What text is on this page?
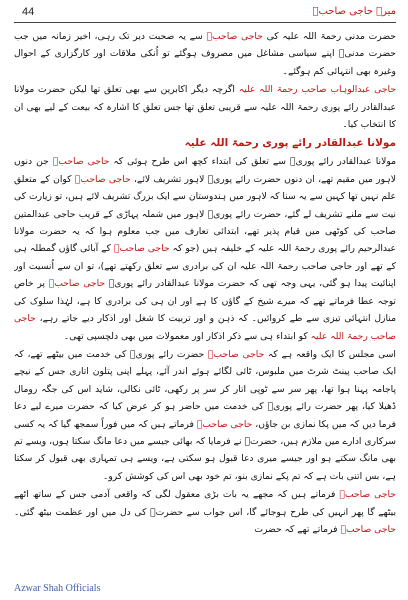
44	میرے حاجی صاحبؒ

حضرت مدنی رحمۃ اللہ علیہ کی حاجی صاحبؒ سے یہ صحبت دیر تک رہی، اخیر زمانہ میں جب حضرت مدنیؒ اپنے سیاسی مشاغل میں مصروف ہوگئے تو اُنکی ملاقات اور کارگزاری کے احوال وغیرہ بھی انتہائی کم ہوگئے۔

حاجی عبدالوہاب صاحب رحمۃ اللہ علیہ اگرچہ دیگر اکابرین سے بھی تعلق تھا لیکن حضرت مولانا عبدالقادر رائے پوری رحمۃ اللہ علیہ سے قریبی تعلق تھا جس تعلق کا اشارہ کہ بیعت کے لیے بھی ان کا انتخاب کیا۔

مولانا عبدالقادر رائے پوری رحمۃ اللہ علیہ

مولانا عبدالقادر رائے پوریؒ سے تعلق کی ابتداء کچھ اس طرح ہوئی کہ حاجی صاحبؒ جن دنوں لاہور میں مقیم تھے، ان دنوں حضرت رائے پوریؒ لاہور تشریف لائے، حاجی صاحبؒ کوان کے متعلق علم نہیں تھا کہیں سے یہ سنا کہ لاہور میں ہندوستان سے ایک بزرگ تشریف لائے ہیں، تو زیارت کی نیت سے ملنے تشریف لے گئے، حضرت رائے پوریؒ لاہور میں شملہ پہاڑی کے قریب حاجی عبدالمتین صاحب کی کوٹھی میں قیام پذیر تھے، ابتدائی تعارف میں جب معلوم ہوا کہ یہ حضرت مولانا عبدالرحیم رائے پوری رحمۃ اللہ علیہ کے خلیفہ ہیں (جو کہ حاجی صاحبؒ کے آبائی گاؤں گمطلہ ہی کے تھے اور حاجی صاحب رحمۃ اللہ علیہ ان کی برادری سے تعلق رکھتے تھے)، تو ان سے اُنسیت اور اپنائیت پیدا ہو گئی، یہی وجہ تھی کہ حضرت مولانا عبدالقادر رائے پوریؒ حاجی صاحبؒ پر خاص توجہ عطا فرماتے تھے کہ میرے شیخ کے گاؤں کا ہے اور ان ہی کی برادری کا ہے، لہٰذا سلوک کی منازل انتہائی تیزی سے طے کروائیں۔ کہ ذہن و اور تربیت کا شغل اور اذکار دیے جاتے رہے، حاجی صاحب رحمۃ اللہ علیہ کو ابتداء ہی سے ذکر اذکار اور معمولات میں بھی دلچسپی تھی۔

اسی مجلس کا ایک واقعہ ہے کہ حاجی صاحبؒ حضرت رائے پوریؒ کی خدمت میں بیٹھے تھے، کہ ایک صاحب پینٹ شرٹ میں ملبوس، ٹائی لگائے ہوئے اندر آئے، پہلے اپنی پتلون اتاری جس کے نیچے پاجامہ پہنا ہوا تھا، پھر سر سے ٹوپی اتار کر سر پر رکھی، ٹائی نکالی، شاید اس کی جگہ رومال ڈھیلا کیا، پھر حضرت رائے پوریؒ کی خدمت میں حاضر ہو کر عرض کیا کہ حضرت میرے لیے دعا فرما دیں کہ میں پکا نمازی بن جاؤں، حاجی صاحبؒ فرماتے ہیں کہ میں فوراً سمجھ گیا کہ یہ کسی سرکاری ادارے میں ملازم ہیں، حضرتؒ نے فرمایا کہ بھائی جیسے میں دعا مانگ سکتا ہوں، ویسے تم بھی مانگ سکتے ہو اور جیسے میری دعا قبول ہو سکتی ہے، ویسے ہی تمہاری بھی قبول کر سکتا ہے، بس اتنی بات ہے کہ تم پکے نمازی بنو، تم خود بھی اس کی کوشش کرو۔

حاجی صاحبؒ فرماتے ہیں کہ مجھے یہ بات بڑی معقول لگی کہ واقعی آدمی جس کے ساتھ اٹھے بیٹھے گا پھر انہیں کی طرح ہوجائے گا، اس جواب سے حضرتؒ کی دل میں اور عظمت بیٹھ گئی۔ حاجی صاحبؒ فرماتے تھے کہ حضرت

Azwar Shah Officials
